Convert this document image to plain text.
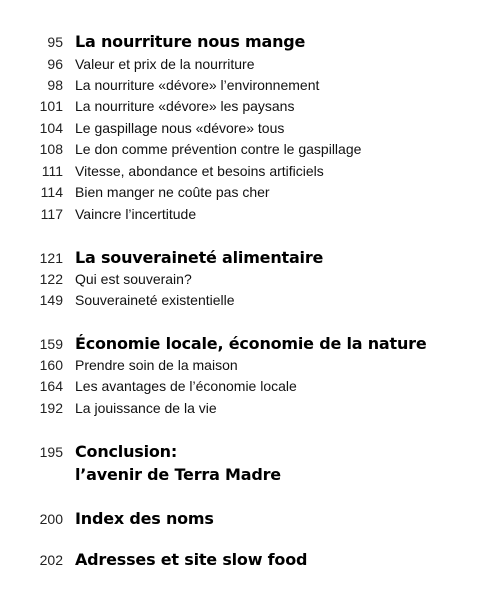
95 La nourriture nous mange
96 Valeur et prix de la nourriture
98 La nourriture «dévore» l’environnement
101 La nourriture «dévore» les paysans
104 Le gaspillage nous «dévore» tous
108 Le don comme prévention contre le gaspillage
111 Vitesse, abondance et besoins artificiels
114 Bien manger ne coûte pas cher
117 Vaincre l’incertitude
121 La souveraineté alimentaire
122 Qui est souverain?
149 Souveraineté existentielle
159 Économie locale, économie de la nature
160 Prendre soin de la maison
164 Les avantages de l’économie locale
192 La jouissance de la vie
195 Conclusion:
l’avenir de Terra Madre
200 Index des noms
202 Adresses et site slow food
